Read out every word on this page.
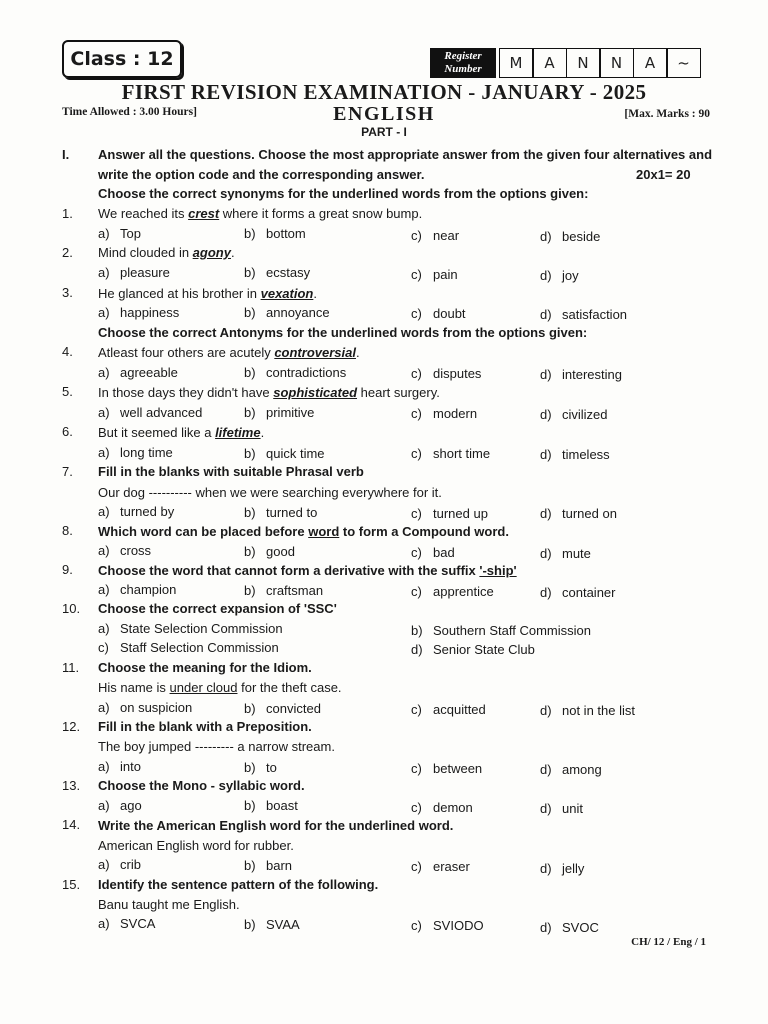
Class : 12	Register Number	M	A	N	N	A	~
FIRST REVISION EXAMINATION - JANUARY - 2025
Time Allowed : 3.00 Hours]	ENGLISH	[Max. Marks : 90
PART - I
I. Answer all the questions. Choose the most appropriate answer from the given four alternatives and write the option code and the corresponding answer.	20x1= 20
Choose the correct synonyms for the underlined words from the options given:
1. We reached its crest where it forms a great snow bump.
a) Top	b) bottom	c) near	d) beside
2. Mind clouded in agony.
a) pleasure	b) ecstasy	c) pain	d) joy
3. He glanced at his brother in vexation.
a) happiness	b) annoyance	c) doubt	d) satisfaction
Choose the correct Antonyms for the underlined words from the options given:
4. Atleast four others are acutely controversial.
a) agreeable	b) contradictions	c) disputes	d) interesting
5. In those days they didn't have sophisticated heart surgery.
a) well advanced	b) primitive	c) modern	d) civilized
6. But it seemed like a lifetime.
a) long time	b) quick time	c) short time	d) timeless
7. Fill in the blanks with suitable Phrasal verb
Our dog ---------- when we were searching everywhere for it.
a) turned by	b) turned to	c) turned up	d) turned on
8. Which word can be placed before word to form a Compound word.
a) cross	b) good	c) bad	d) mute
9. Choose the word that cannot form a derivative with the suffix '-ship'
a) champion	b) craftsman	c) apprentice	d) container
10. Choose the correct expansion of 'SSC'
a) State Selection Commission	b) Southern Staff Commission
c) Staff Selection Commission	d) Senior State Club
11. Choose the meaning for the Idiom.
His name is under cloud for the theft case.
a) on suspicion	b) convicted	c) acquitted	d) not in the list
12. Fill in the blank with a Preposition.
The boy jumped --------- a narrow stream.
a) into	b) to	c) between	d) among
13. Choose the Mono - syllabic word.
a) ago	b) boast	c) demon	d) unit
14. Write the American English word for the underlined word.
American English word for rubber.
a) crib	b) barn	c) eraser	d) jelly
15. Identify the sentence pattern of the following.
Banu taught me English.
a) SVCA	b) SVAA	c) SVIODO	d) SVOC
CH/ 12 / Eng / 1
